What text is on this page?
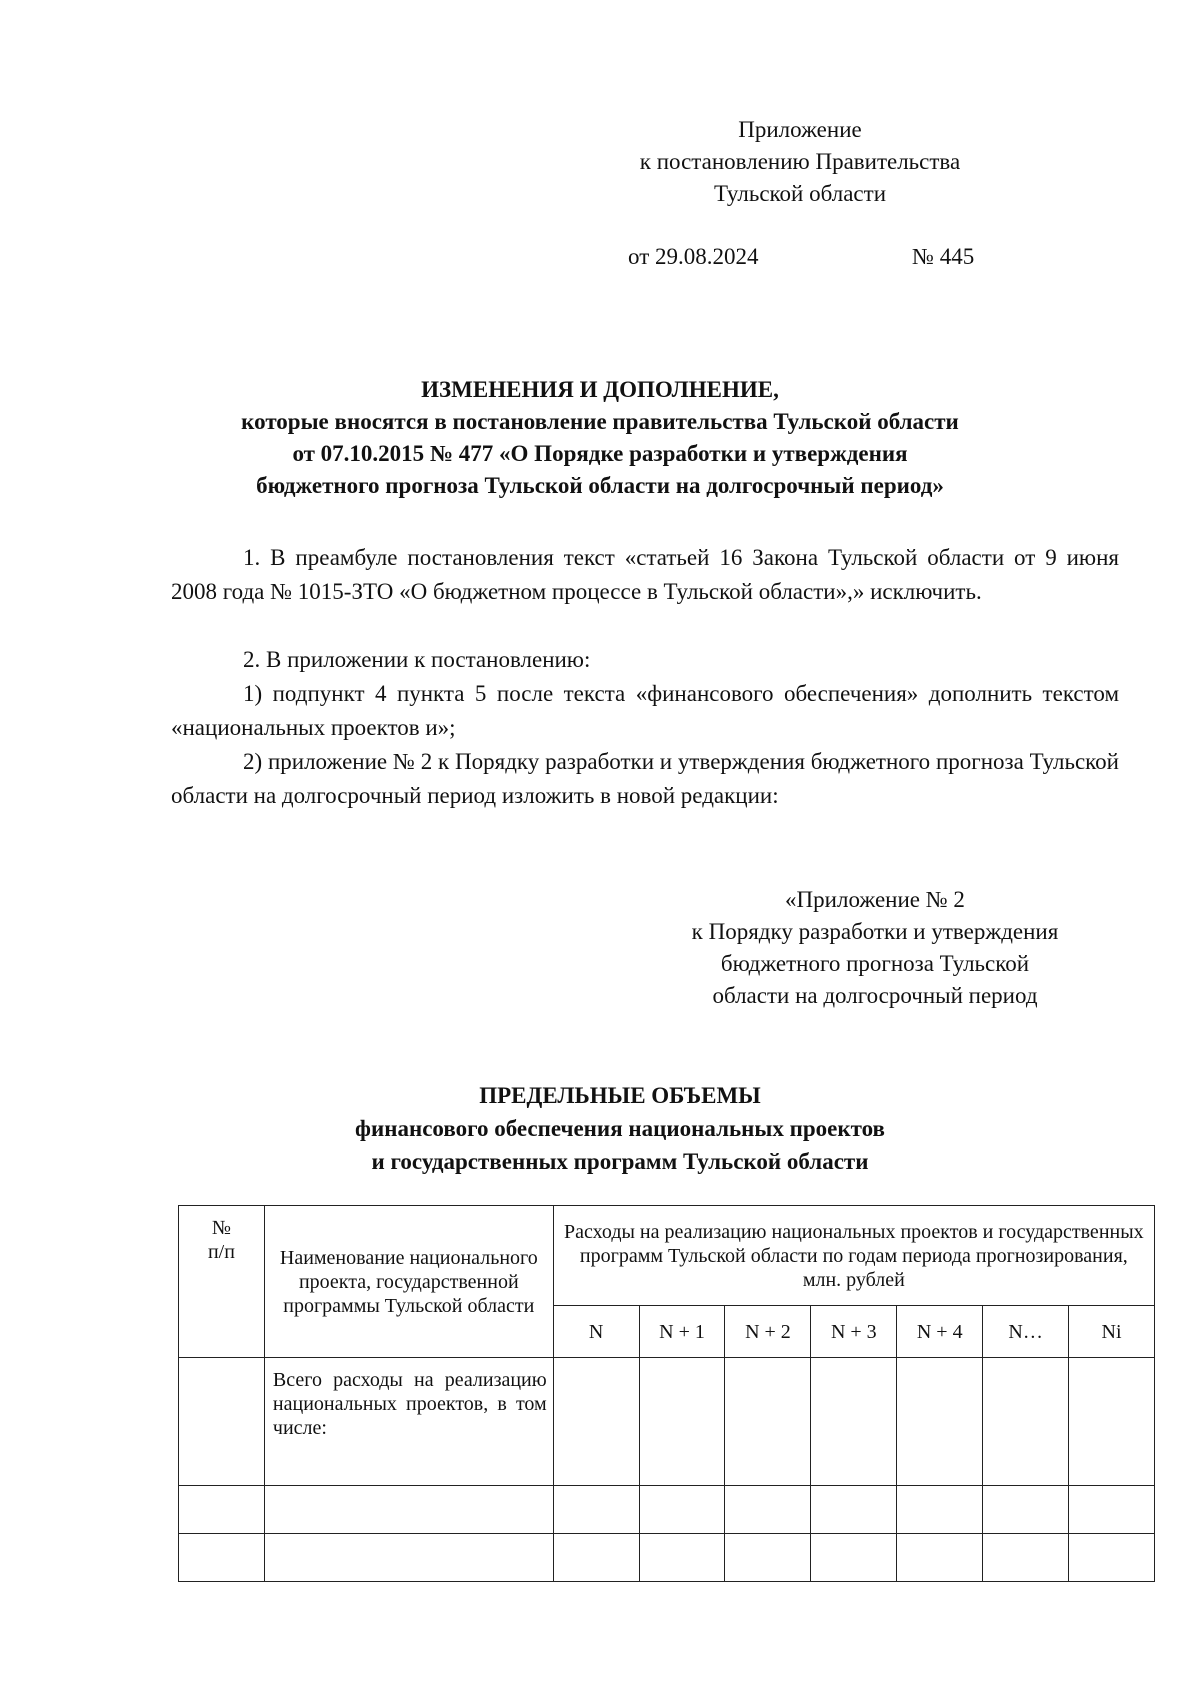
Приложение
к постановлению Правительства
Тульской области
от 29.08.2024	№ 445
ИЗМЕНЕНИЯ И ДОПОЛНЕНИЕ,
которые вносятся в постановление правительства Тульской области
от 07.10.2015 № 477 «О Порядке разработки и утверждения
бюджетного прогноза Тульской области на долгосрочный период»
1. В преамбуле постановления текст «статьей 16 Закона Тульской области от 9 июня 2008 года № 1015-ЗТО «О бюджетном процессе в Тульской области»,» исключить.
2. В приложении к постановлению:
1) подпункт 4 пункта 5 после текста «финансового обеспечения» дополнить текстом «национальных проектов и»;
2) приложение № 2 к Порядку разработки и утверждения бюджетного прогноза Тульской области на долгосрочный период изложить в новой редакции:
«Приложение № 2
к Порядку разработки и утверждения
бюджетного прогноза Тульской
области на долгосрочный период
ПРЕДЕЛЬНЫЕ ОБЪЕМЫ
финансового обеспечения национальных проектов
и государственных программ Тульской области
№ п/п	Наименование национального проекта, государственной программы Тульской области	Расходы на реализацию национальных проектов и государственных программ Тульской области по годам периода прогнозирования, млн. рублей						

		N	N + 1	N + 2	N + 3	N + 4	N…	Ni
	Всего расходы на реализацию национальных проектов, в том числе:							
